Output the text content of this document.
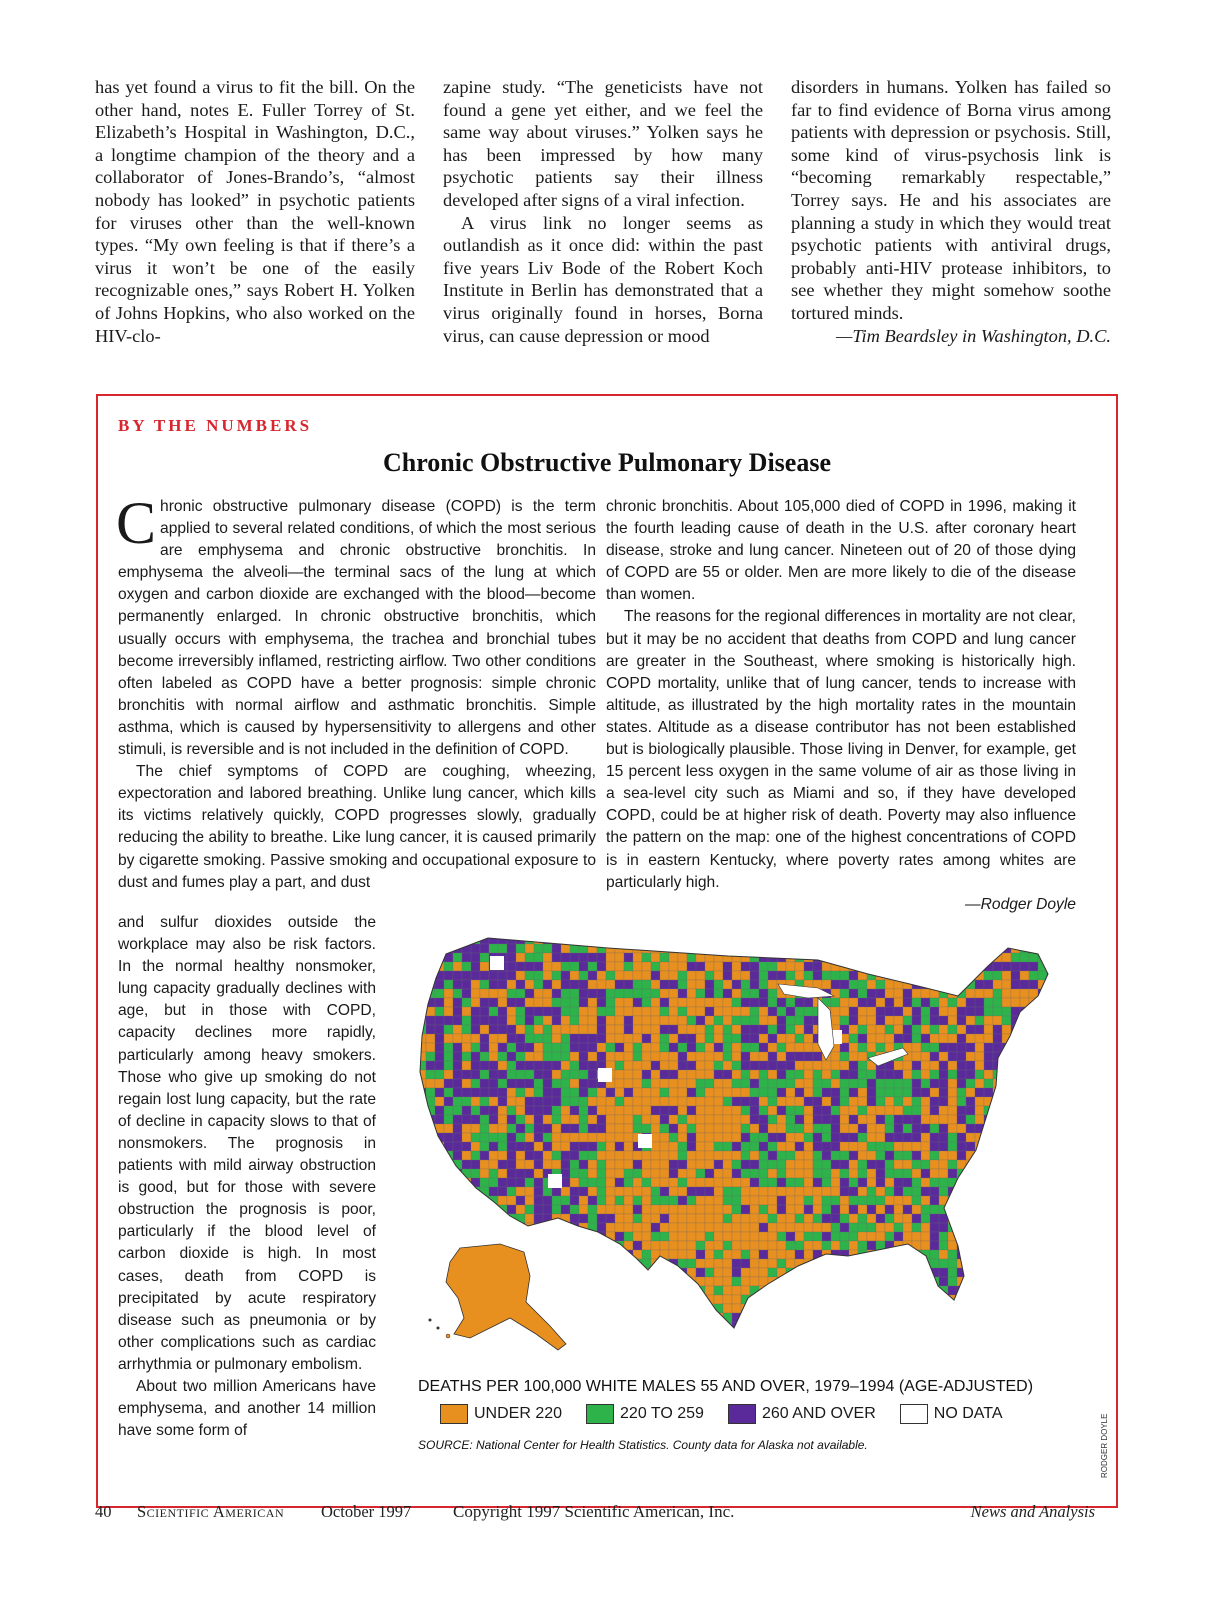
has yet found a virus to fit the bill. On the other hand, notes E. Fuller Torrey of St. Elizabeth’s Hospital in Washington, D.C., a longtime champion of the theory and a collaborator of Jones-Brando’s, “almost nobody has looked” in psychotic patients for viruses other than the well-known types. “My own feeling is that if there’s a virus it won’t be one of the easily recognizable ones,” says Robert H. Yolken of Johns Hopkins, who also worked on the HIV-clo-

zapine study. “The geneticists have not found a gene yet either, and we feel the same way about viruses.” Yolken says he has been impressed by how many psychotic patients say their illness developed after signs of a viral infection.

A virus link no longer seems as outlandish as it once did: within the past five years Liv Bode of the Robert Koch Institute in Berlin has demonstrated that a virus originally found in horses, Borna virus, can cause depression or mood

disorders in humans. Yolken has failed so far to find evidence of Borna virus among patients with depression or psychosis. Still, some kind of virus-psychosis link is “becoming remarkably respectable,” Torrey says. He and his associates are planning a study in which they would treat psychotic patients with antiviral drugs, probably anti-HIV protease inhibitors, to see whether they might somehow soothe tortured minds.

—Tim Beardsley in Washington, D.C.

BY THE NUMBERS
Chronic Obstructive Pulmonary Disease

Chronic obstructive pulmonary disease (COPD) is the term applied to several related conditions, of which the most serious are emphysema and chronic obstructive bronchitis. In emphysema the alveoli—the terminal sacs of the lung at which oxygen and carbon dioxide are exchanged with the blood—become permanently enlarged. In chronic obstructive bronchitis, which usually occurs with emphysema, the trachea and bronchial tubes become irreversibly inflamed, restricting airflow. Two other conditions often labeled as COPD have a better prognosis: simple chronic bronchitis with normal airflow and asthmatic bronchitis. Simple asthma, which is caused by hypersensitivity to allergens and other stimuli, is reversible and is not included in the definition of COPD.

The chief symptoms of COPD are coughing, wheezing, expectoration and labored breathing. Unlike lung cancer, which kills its victims relatively quickly, COPD progresses slowly, gradually reducing the ability to breathe. Like lung cancer, it is caused primarily by cigarette smoking. Passive smoking and occupational exposure to dust and fumes play a part, and dust

and sulfur dioxides outside the workplace may also be risk factors. In the normal healthy nonsmoker, lung capacity gradually declines with age, but in those with COPD, capacity declines more rapidly, particularly among heavy smokers. Those who give up smoking do not regain lost lung capacity, but the rate of decline in capacity slows to that of nonsmokers. The prognosis in patients with mild airway obstruction is good, but for those with severe obstruction the prognosis is poor, particularly if the blood level of carbon dioxide is high. In most cases, death from COPD is precipitated by acute respiratory disease such as pneumonia or by other complications such as cardiac arrhythmia or pulmonary embolism.

About two million Americans have emphysema, and another 14 million have some form of

chronic bronchitis. About 105,000 died of COPD in 1996, making it the fourth leading cause of death in the U.S. after coronary heart disease, stroke and lung cancer. Nineteen out of 20 of those dying of COPD are 55 or older. Men are more likely to die of the disease than women.

The reasons for the regional differences in mortality are not clear, but it may be no accident that deaths from COPD and lung cancer are greater in the Southeast, where smoking is historically high. COPD mortality, unlike that of lung cancer, tends to increase with altitude, as illustrated by the high mortality rates in the mountain states. Altitude as a disease contributor has not been established but is biologically plausible. Those living in Denver, for example, get 15 percent less oxygen in the same volume of air as those living in a sea-level city such as Miami and so, if they have developed COPD, could be at higher risk of death. Poverty may also influence the pattern on the map: one of the highest concentrations of COPD is in eastern Kentucky, where poverty rates among whites are particularly high.

—Rodger Doyle

DEATHS PER 100,000 WHITE MALES 55 AND OVER, 1979–1994 (AGE-ADJUSTED)
UNDER 220	220 TO 259	260 AND OVER	NO DATA
SOURCE: National Center for Health Statistics. County data for Alaska not available.	RODGER DOYLE
40 Scientific American October 1997 Copyright 1997 Scientific American, Inc.	News and Analysis
